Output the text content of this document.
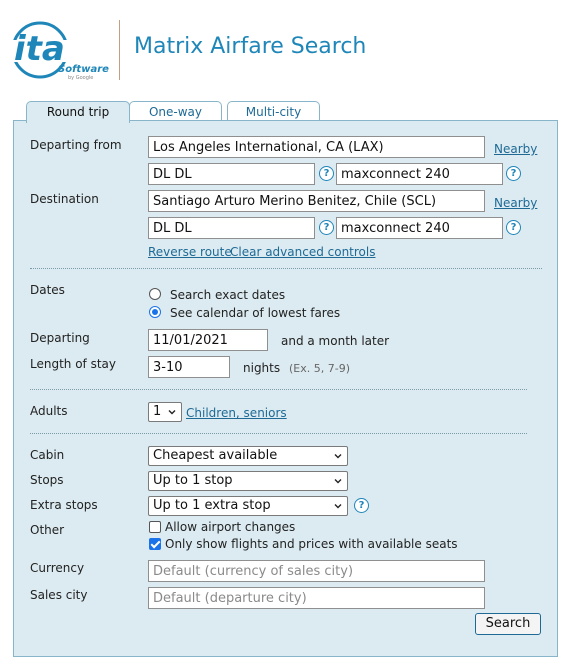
ita
Software
by Google
Matrix Airfare Search
Round trip	One-way	Multi-city
Departing from
Los Angeles International, CA (LAX)	Nearby
DL DL
?
maxconnect 240	?
Destination
Santiago Arturo Merino Benitez, Chile (SCL)	Nearby
DL DL
?
maxconnect 240	?
Reverse route
Clear advanced controls
Dates	Search exact dates
See calendar of lowest fares
Departing
11/01/2021	and a month later
Length of stay
3-10	nights (Ex. 5, 7-9)
Adults	1	Children, seniors
Cabin	Cheapest available
Stops	Up to 1 stop
Extra stops	Up to 1 extra stop	?
Other	Allow airport changes
Only show flights and prices with available seats
Currency
Default (currency of sales city)
Sales city
Default (departure city)
Search
